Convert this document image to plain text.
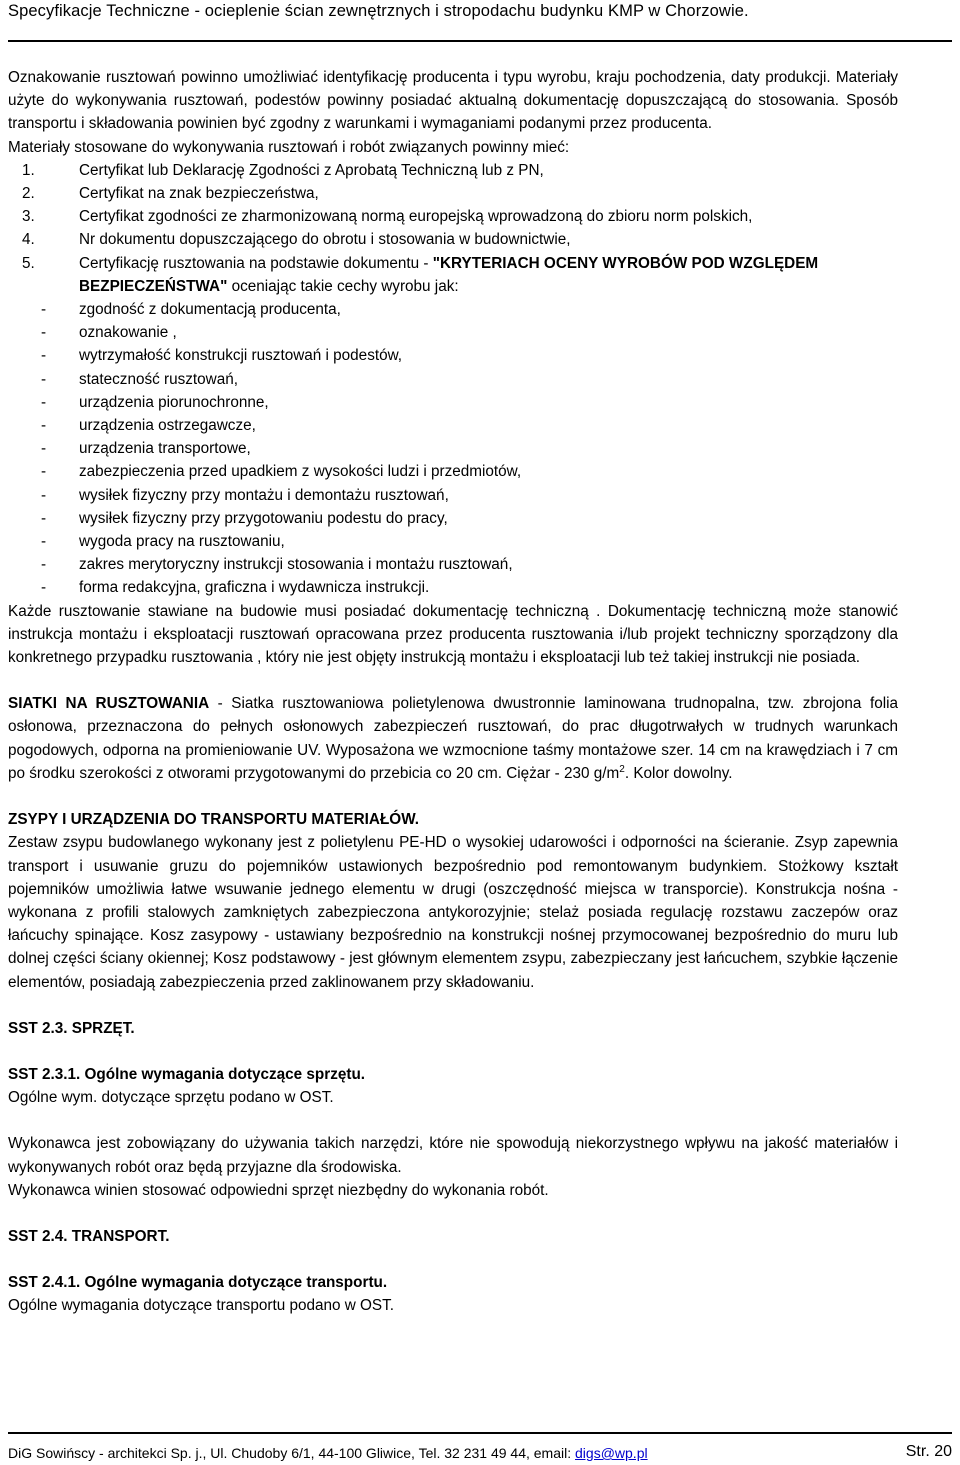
Specyfikacje Techniczne - ocieplenie ścian zewnętrznych i stropodachu budynku KMP w Chorzowie.

Oznakowanie rusztowań powinno umożliwiać identyfikację producenta i typu wyrobu, kraju pochodzenia, daty produkcji. Materiały użyte do wykonywania rusztowań, podestów powinny posiadać aktualną dokumentację dopuszczającą do stosowania. Sposób transportu i składowania powinien być zgodny z warunkami i wymaganiami podanymi przez producenta.

Materiały stosowane do wykonywania rusztowań i robót związanych powinny mieć:

1.	Certyfikat lub Deklarację Zgodności z Aprobatą Techniczną lub z PN,
2.	Certyfikat na znak bezpieczeństwa,
3.	Certyfikat zgodności ze zharmonizowaną normą europejską wprowadzoną do zbioru norm polskich,
4.	Nr dokumentu dopuszczającego do obrotu i stosowania w budownictwie,
5.	Certyfikację rusztowania na podstawie dokumentu - "KRYTERIACH OCENY WYROBÓW POD WZGLĘDEM BEZPIECZEŃSTWA" oceniając takie cechy wyrobu jak:
- zgodność z dokumentacją producenta,
- oznakowanie ,
- wytrzymałość konstrukcji rusztowań i podestów,
- stateczność rusztowań,
- urządzenia piorunochronne,
- urządzenia ostrzegawcze,
- urządzenia transportowe,
- zabezpieczenia przed upadkiem z wysokości ludzi i przedmiotów,
- wysiłek fizyczny przy montażu i demontażu rusztowań,
- wysiłek fizyczny przy przygotowaniu podestu do pracy,
- wygoda pracy na rusztowaniu,
- zakres merytoryczny instrukcji stosowania i montażu rusztowań,
- forma redakcyjna, graficzna i wydawnicza instrukcji.

Każde rusztowanie stawiane na budowie musi posiadać dokumentację techniczną . Dokumentację techniczną może stanowić instrukcja montażu i eksploatacji rusztowań opracowana przez producenta rusztowania i/lub projekt techniczny sporządzony dla konkretnego przypadku rusztowania , który nie jest objęty instrukcją montażu i eksploatacji lub też takiej instrukcji nie posiada.

SIATKI NA RUSZTOWANIA - Siatka rusztowaniowa polietylenowa dwustronnie laminowana trudnopalna, tzw. zbrojona folia osłonowa, przeznaczona do pełnych osłonowych zabezpieczeń rusztowań, do prac długotrwałych w trudnych warunkach pogodowych, odporna na promieniowanie UV. Wyposażona we wzmocnione taśmy montażowe szer. 14 cm na krawędziach i 7 cm po środku szerokości z otworami przygotowanymi do przebicia co 20 cm. Ciężar - 230 $g/m^2$. Kolor dowolny.

ZSYPY I URZĄDZENIA DO TRANSPORTU MATERIAŁÓW.

Zestaw zsypu budowlanego wykonany jest z polietylenu PE-HD o wysokiej udarowości i odporności na ścieranie. Zsyp zapewnia transport i usuwanie gruzu do pojemników ustawionych bezpośrednio pod remontowanym budynkiem. Stożkowy kształt pojemników umożliwia łatwe wsuwanie jednego elementu w drugi (oszczędność miejsca w transporcie). Konstrukcja nośna - wykonana z profili stalowych zamkniętych zabezpieczona antykorozyjnie; stelaż posiada regulację rozstawu zaczepów oraz łańcuchy spinające. Kosz zasypowy - ustawiany bezpośrednio na konstrukcji nośnej przymocowanej bezpośrednio do muru lub dolnej części ściany okiennej; Kosz podstawowy - jest głównym elementem zsypu, zabezpieczany jest łańcuchem, szybkie łączenie elementów, posiadają zabezpieczenia przed zaklinowanem przy składowaniu.

SST 2.3. SPRZĘT.

SST 2.3.1. Ogólne wymagania dotyczące sprzętu.

Ogólne wym. dotyczące sprzętu podano w OST.

Wykonawca jest zobowiązany do używania takich narzędzi, które nie spowodują niekorzystnego wpływu na jakość materiałów i wykonywanych robót oraz będą przyjazne dla środowiska.

Wykonawca winien stosować odpowiedni sprzęt niezbędny do wykonania robót.

SST 2.4. TRANSPORT.

SST 2.4.1. Ogólne wymagania dotyczące transportu.

Ogólne wymagania dotyczące transportu podano w OST.

DiG Sowińscy - architekci Sp. j., Ul. Chudoby 6/1, 44-100 Gliwice, Tel. 32 231 49 44, email: digs@wp.pl	Str. 20
